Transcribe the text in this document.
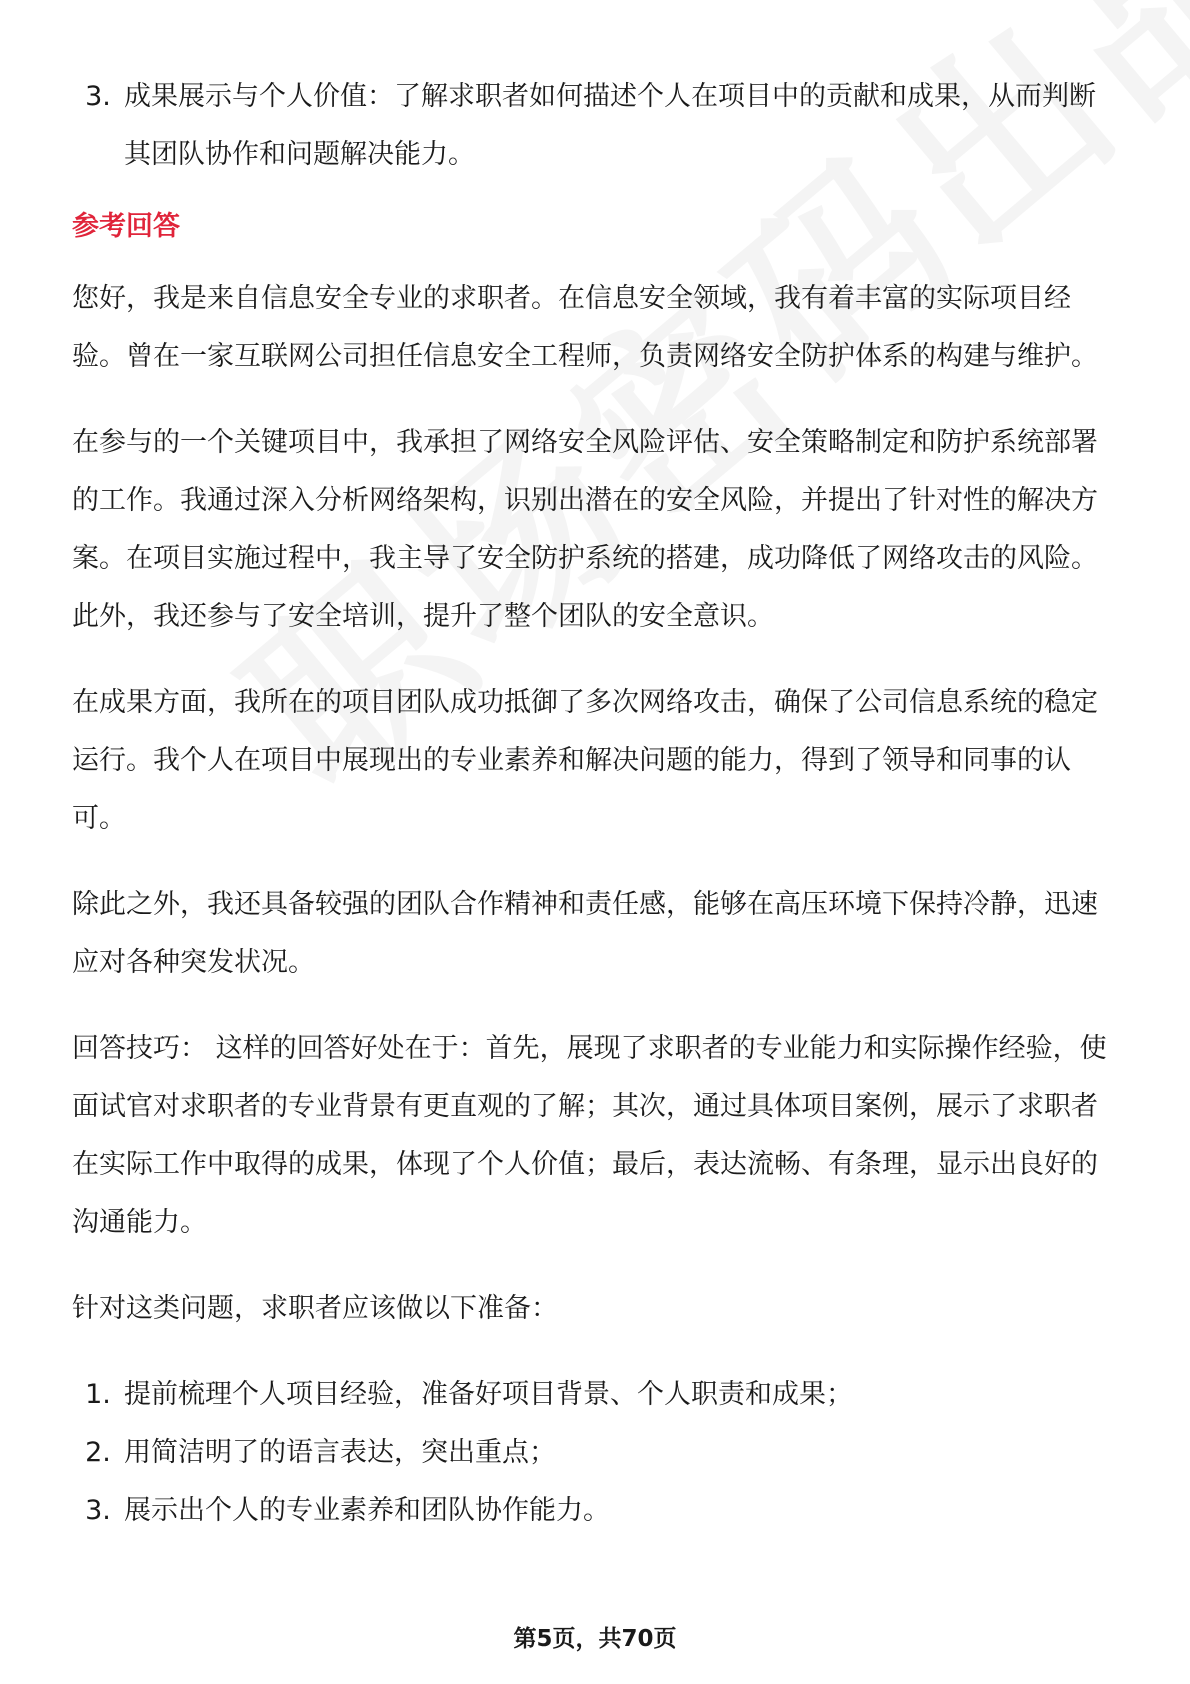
3. 成果展示与个人价值：了解求职者如何描述个人在项目中的贡献和成果，从而判断其团队协作和问题解决能力。
参考回答

您好，我是来自信息安全专业的求职者。在信息安全领域，我有着丰富的实际项目经验。曾在一家互联网公司担任信息安全工程师，负责网络安全防护体系的构建与维护。

在参与的一个关键项目中，我承担了网络安全风险评估、安全策略制定和防护系统部署的工作。我通过深入分析网络架构，识别出潜在的安全风险，并提出了针对性的解决方案。在项目实施过程中，我主导了安全防护系统的搭建，成功降低了网络攻击的风险。此外，我还参与了安全培训，提升了整个团队的安全意识。

在成果方面，我所在的项目团队成功抵御了多次网络攻击，确保了公司信息系统的稳定运行。我个人在项目中展现出的专业素养和解决问题的能力，得到了领导和同事的认可。

除此之外，我还具备较强的团队合作精神和责任感，能够在高压环境下保持冷静，迅速应对各种突发状况。

回答技巧： 这样的回答好处在于：首先，展现了求职者的专业能力和实际操作经验，使面试官对求职者的专业背景有更直观的了解；其次，通过具体项目案例，展示了求职者在实际工作中取得的成果，体现了个人价值；最后，表达流畅、有条理，显示出良好的沟通能力。

针对这类问题，求职者应该做以下准备：

1. 提前梳理个人项目经验，准备好项目背景、个人职责和成果；
2. 用简洁明了的语言表达，突出重点；
3. 展示出个人的专业素养和团队协作能力。
第5页，共70页
